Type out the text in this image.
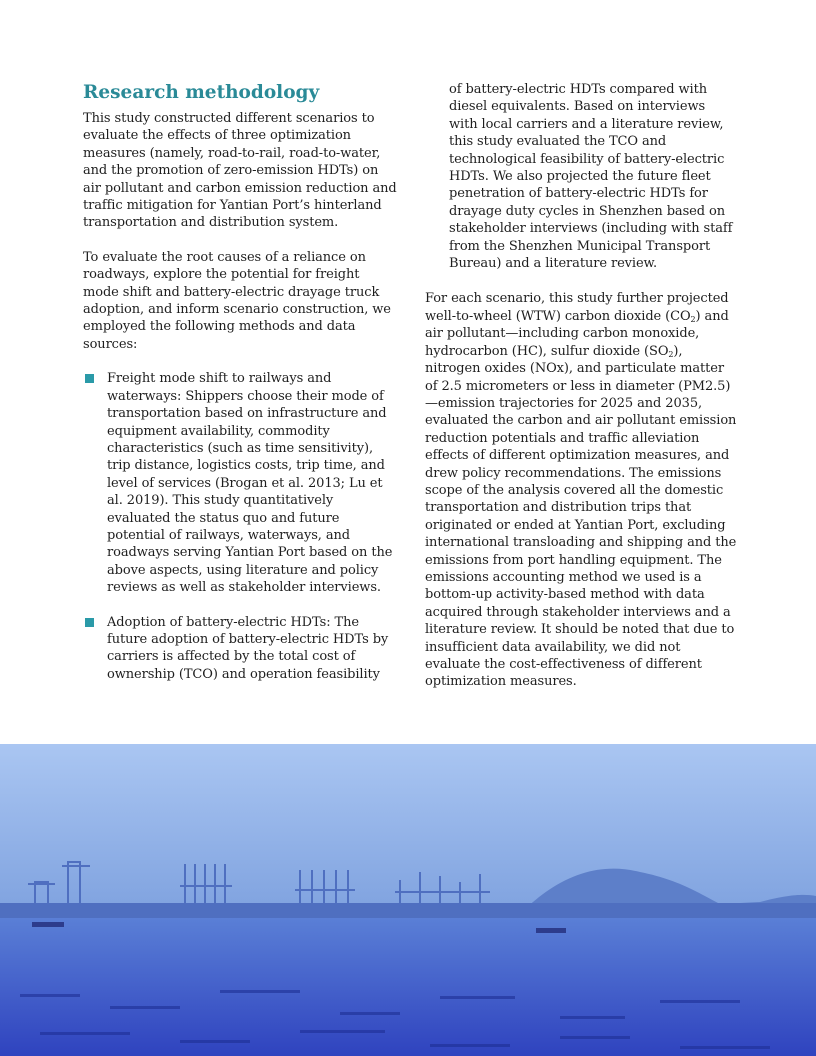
Research methodology

This study constructed different scenarios to evaluate the effects of three optimization measures (namely, road-to-rail, road-to-water, and the promotion of zero-emission HDTs) on air pollutant and carbon emission reduction and traffic mitigation for Yantian Port’s hinterland transportation and distribution system.

To evaluate the root causes of a reliance on roadways, explore the potential for freight mode shift and battery-electric drayage truck adoption, and inform scenario construction, we employed the following methods and data sources:

Freight mode shift to railways and waterways: Shippers choose their mode of transportation based on infrastructure and equipment availability, commodity characteristics (such as time sensitivity), trip distance, logistics costs, trip time, and level of services (Brogan et al. 2013; Lu et al. 2019). This study quantitatively evaluated the status quo and future potential of railways, waterways, and roadways serving Yantian Port based on the above aspects, using literature and policy reviews as well as stakeholder interviews.
Adoption of battery-electric HDTs: The future adoption of battery-electric HDTs by carriers is affected by the total cost of ownership (TCO) and operation feasibility

of battery-electric HDTs compared with diesel equivalents. Based on interviews with local carriers and a literature review, this study evaluated the TCO and technological feasibility of battery-electric HDTs. We also projected the future fleet penetration of battery-electric HDTs for drayage duty cycles in Shenzhen based on stakeholder interviews (including with staff from the Shenzhen Municipal Transport Bureau) and a literature review.

For each scenario, this study further projected well-to-wheel (WTW) carbon dioxide $(CO_2)$ and air pollutant—including carbon monoxide, hydrocarbon (HC), sulfur dioxide $(SO_2)$, nitrogen oxides (NOx), and particulate matter of 2.5 micrometers or less in diameter (PM2.5)—emission trajectories for 2025 and 2035, evaluated the carbon and air pollutant emission reduction potentials and traffic alleviation effects of different optimization measures, and drew policy recommendations. The emissions scope of the analysis covered all the domestic transportation and distribution trips that originated or ended at Yantian Port, excluding international transloading and shipping and the emissions from port handling equipment. The emissions accounting method we used is a bottom-up activity-based method with data acquired through stakeholder interviews and a literature review. It should be noted that due to insufficient data availability, we did not evaluate the cost-effectiveness of different optimization measures.
